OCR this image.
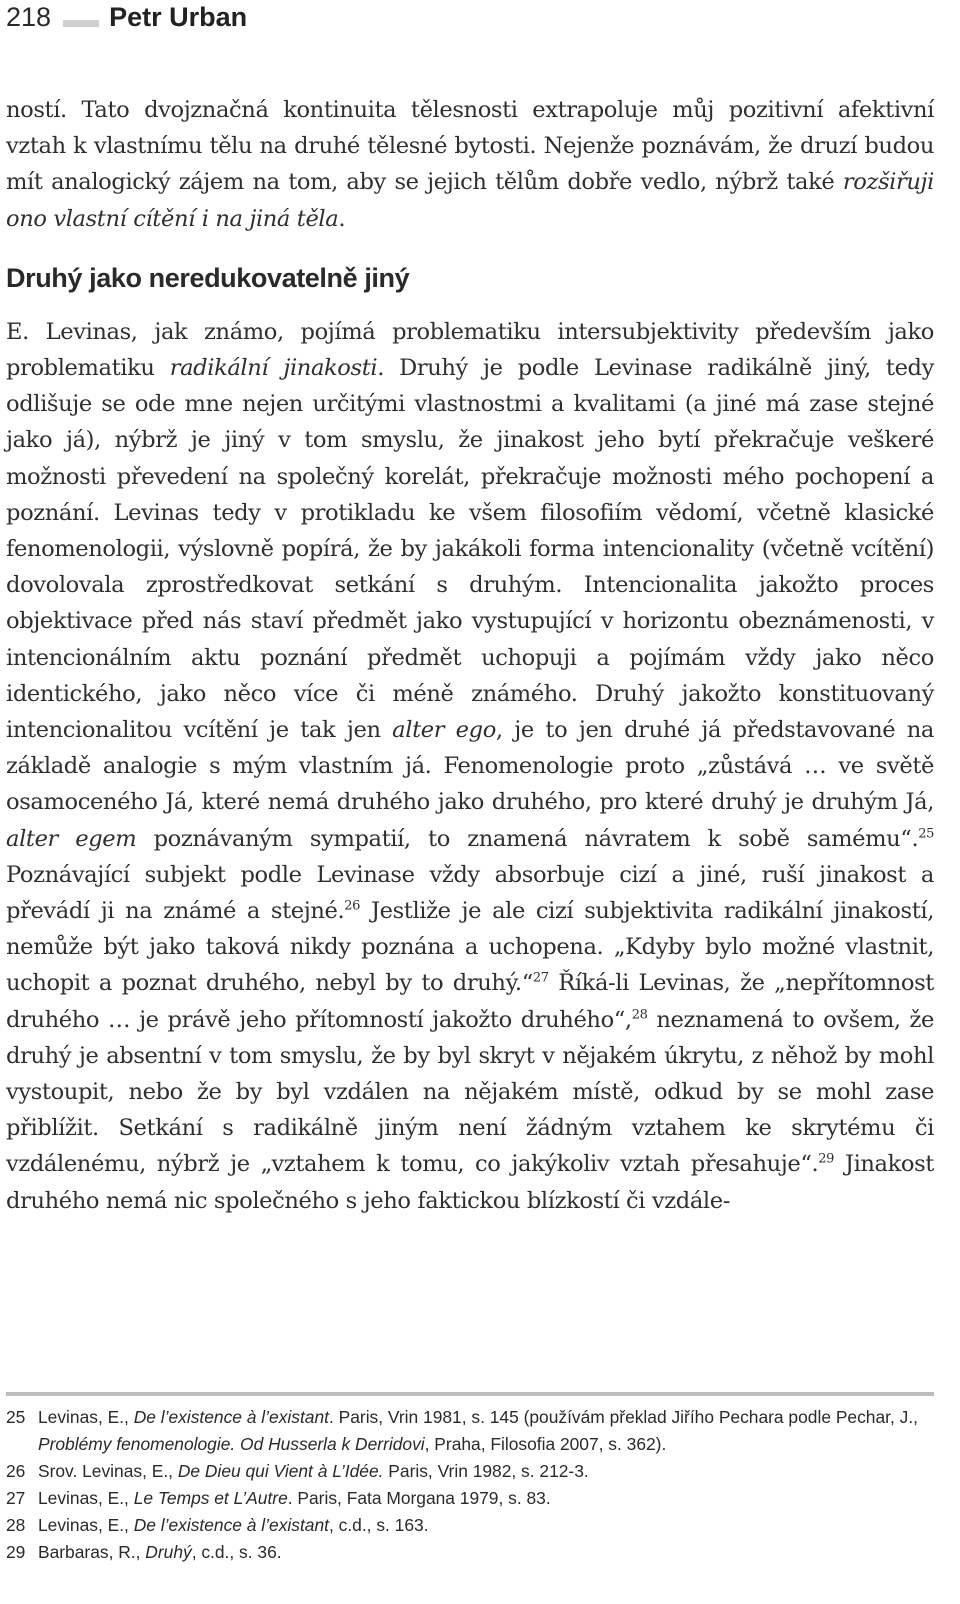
218 Petr Urban

ností. Tato dvojznačná kontinuita tělesnosti extrapoluje můj pozitivní afektivní vztah k vlastnímu tělu na druhé tělesné bytosti. Nejenže poznávám, že druzí budou mít analogický zájem na tom, aby se jejich tělům dobře vedlo, nýbrž také rozšiřuji ono vlastní cítění i na jiná těla.

Druhý jako neredukovatelně jiný

E. Levinas, jak známo, pojímá problematiku intersubjektivity především jako problematiku radikální jinakosti. Druhý je podle Levinase radikálně jiný, tedy odlišuje se ode mne nejen určitými vlastnostmi a kvalitami (a jiné má zase stejné jako já), nýbrž je jiný v tom smyslu, že jinakost jeho bytí překračuje veškeré možnosti převedení na společný korelát, překračuje možnosti mého pochopení a poznání. Levinas tedy v protikladu ke všem filosofiím vědomí, včetně klasické fenomenologii, výslovně popírá, že by jakákoli forma intencionality (včetně vcítění) dovolovala zprostředkovat setkání s druhým. Intencionalita jakožto proces objektivace před nás staví předmět jako vystupující v horizontu obeznámenosti, v intencionálním aktu poznání předmět uchopuji a pojímám vždy jako něco identického, jako něco více či méně známého. Druhý jakožto konstituovaný intencionalitou vcítění je tak jen alter ego, je to jen druhé já představované na základě analogie s mým vlastním já. Fenomenologie proto „zůstává … ve světě osamoceného Já, které nemá druhého jako druhého, pro které druhý je druhým Já, alter egem poznávaným sympatií, to znamená návratem k sobě samému“.$^{25}$ Poznávající subjekt podle Levinase vždy absorbuje cizí a jiné, ruší jinakost a převádí ji na známé a stejné.$^{26}$ Jestliže je ale cizí subjektivita radikální jinakostí, nemůže být jako taková nikdy poznána a uchopena. „Kdyby bylo možné vlastnit, uchopit a poznat druhého, nebyl by to druhý.“$^{27}$ Říká-li Levinas, že „nepřítomnost druhého … je právě jeho přítomností jakožto druhého“,$^{28}$ neznamená to ovšem, že druhý je absentní v tom smyslu, že by byl skryt v nějakém úkrytu, z něhož by mohl vystoupit, nebo že by byl vzdálen na nějakém místě, odkud by se mohl zase přiblížit. Setkání s radikálně jiným není žádným vztahem ke skrytému či vzdálenému, nýbrž je „vztahem k tomu, co jakýkoliv vztah přesahuje“.$^{29}$ Jinakost druhého nemá nic společného s jeho faktickou blízkostí či vzdále-

25 Levinas, E., De l’existence à l’existant. Paris, Vrin 1981, s. 145 (používám překlad Jiřího Pechara podle Pechar, J., Problémy fenomenologie. Od Husserla k Derridovi, Praha, Filosofia 2007, s. 362).
26 Srov. Levinas, E., De Dieu qui Vient à L’Idée. Paris, Vrin 1982, s. 212-3.
27 Levinas, E., Le Temps et L’Autre. Paris, Fata Morgana 1979, s. 83.
28 Levinas, E., De l’existence à l’existant, c.d., s. 163.
29 Barbaras, R., Druhý, c.d., s. 36.
